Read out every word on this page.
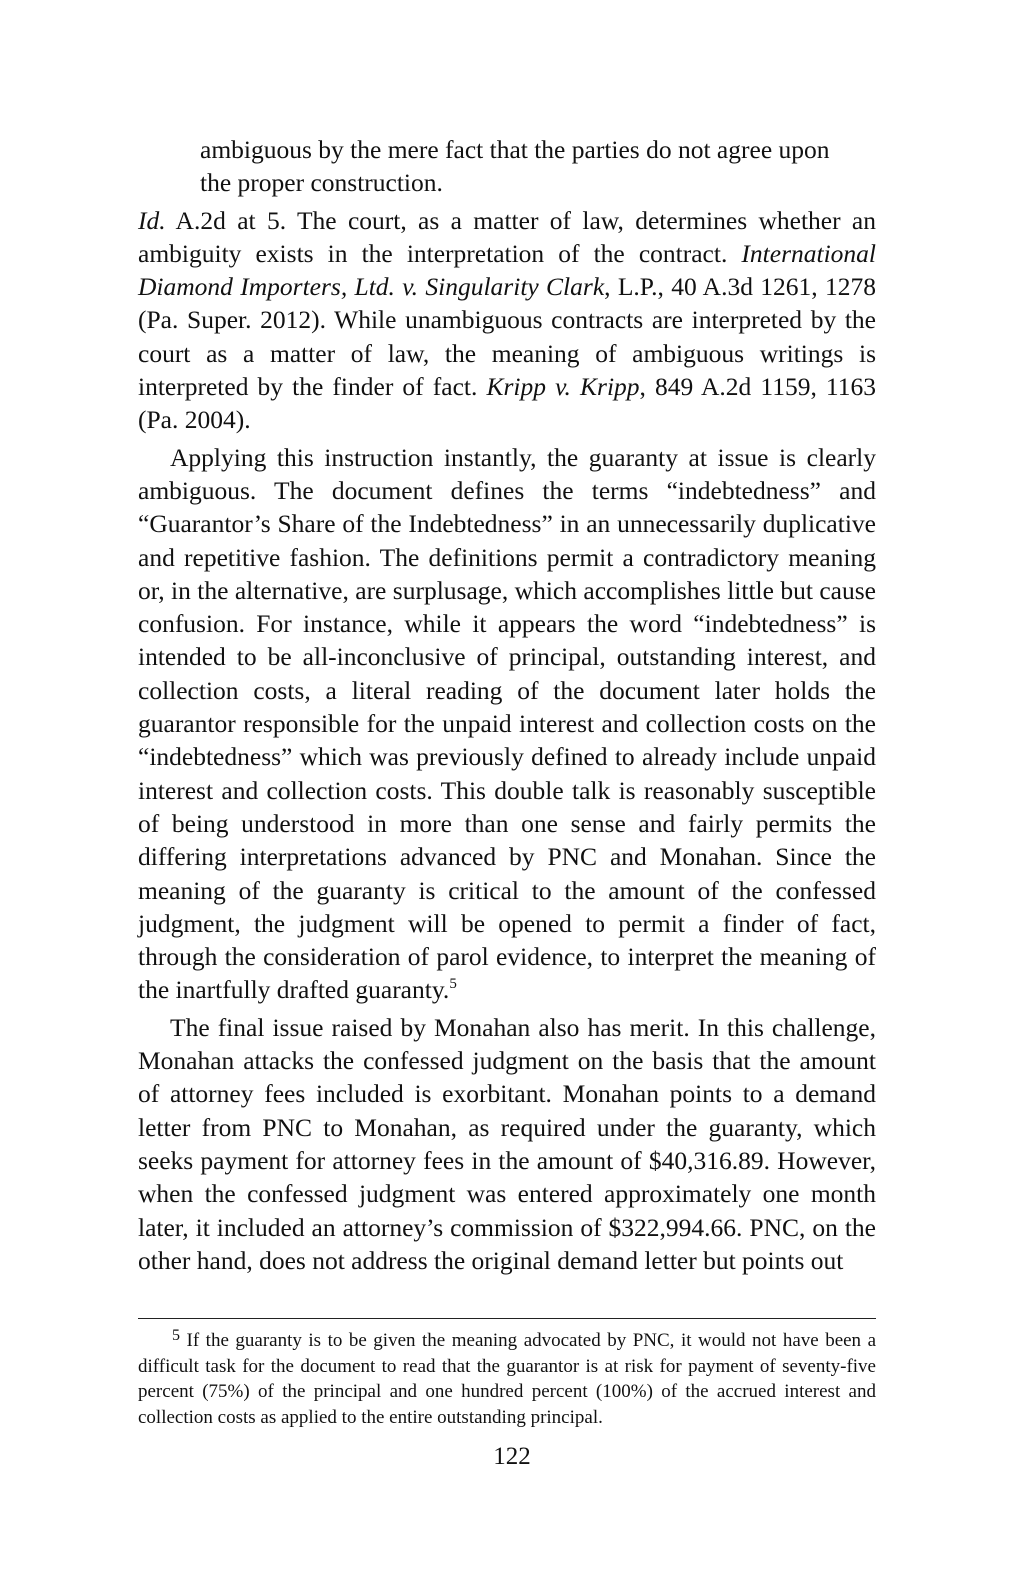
ambiguous by the mere fact that the parties do not agree upon the proper construction.

Id. A.2d at 5. The court, as a matter of law, determines whether an ambiguity exists in the interpretation of the contract. International Diamond Importers, Ltd. v. Singularity Clark, L.P., 40 A.3d 1261, 1278 (Pa. Super. 2012). While unambiguous contracts are interpreted by the court as a matter of law, the meaning of ambiguous writings is interpreted by the finder of fact. Kripp v. Kripp, 849 A.2d 1159, 1163 (Pa. 2004).

Applying this instruction instantly, the guaranty at issue is clearly ambiguous. The document defines the terms “indebtedness” and “Guarantor’s Share of the Indebtedness” in an unnecessarily duplicative and repetitive fashion. The definitions permit a contradictory meaning or, in the alternative, are surplusage, which accomplishes little but cause confusion. For instance, while it appears the word “indebtedness” is intended to be all-inconclusive of principal, outstanding interest, and collection costs, a literal reading of the document later holds the guarantor responsible for the unpaid interest and collection costs on the “indebtedness” which was previously defined to already include unpaid interest and collection costs. This double talk is reasonably susceptible of being understood in more than one sense and fairly permits the differing interpretations advanced by PNC and Monahan. Since the meaning of the guaranty is critical to the amount of the confessed judgment, the judgment will be opened to permit a finder of fact, through the consideration of parol evidence, to interpret the meaning of the inartfully drafted guaranty.$^5$

The final issue raised by Monahan also has merit. In this challenge, Monahan attacks the confessed judgment on the basis that the amount of attorney fees included is exorbitant. Monahan points to a demand letter from PNC to Monahan, as required under the guaranty, which seeks payment for attorney fees in the amount of $40,316.89. However, when the confessed judgment was entered approximately one month later, it included an attorney’s commission of $322,994.66. PNC, on the other hand, does not address the original demand letter but points out

$^5$ If the guaranty is to be given the meaning advocated by PNC, it would not have been a difficult task for the document to read that the guarantor is at risk for payment of seventy-five percent (75%) of the principal and one hundred percent (100%) of the accrued interest and collection costs as applied to the entire outstanding principal.
122
